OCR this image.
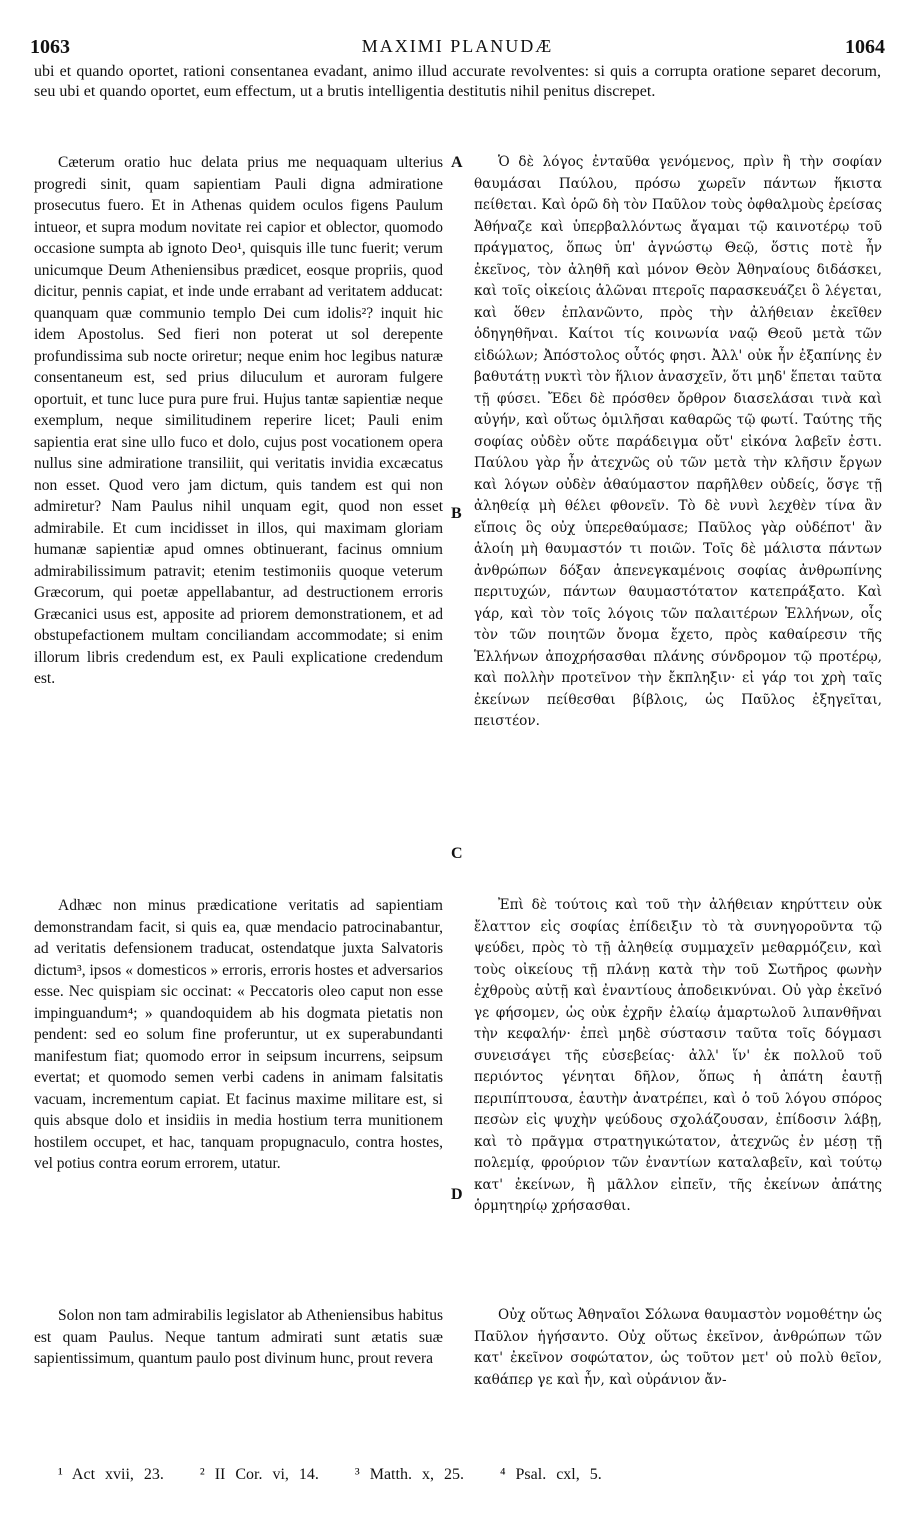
1063	MAXIMI PLANUDÆ	1064

ubi et quando oportet, rationi consentanea evadant, animo illud accurate revolventes: si quis a corrupta oratione separet decorum, seu ubi et quando oportet, eum effectum, ut a brutis intelligentia destitutis nihil penitus discrepet.

Cæterum oratio huc delata prius me nequaquam ulterius progredi sinit, quam sapientiam Pauli digna admiratione prosecutus fuero. Et in Athenas quidem oculos figens Paulum intueor, et supra modum novitate rei capior et oblector, quomodo occasione sumpta ab ignoto Deo¹, quisquis ille tunc fuerit; verum unicumque Deum Atheniensibus prædicet, eosque propriis, quod dicitur, pennis capiat, et inde unde errabant ad veritatem adducat: quanquam quæ communio templo Dei cum idolis²? inquit hic idem Apostolus. Sed fieri non poterat ut sol derepente profundissima sub nocte oriretur; neque enim hoc legibus naturæ consentaneum est, sed prius diluculum et auroram fulgere oportuit, et tunc luce pura pure frui. Hujus tantæ sapientiæ neque exemplum, neque similitudinem reperire licet; Pauli enim sapientia erat sine ullo fuco et dolo, cujus post vocationem opera nullus sine admiratione transiliit, qui veritatis invidia excæcatus non esset. Quod vero jam dictum, quis tandem est qui non admiretur? Nam Paulus nihil unquam egit, quod non esset admirabile. Et cum incidisset in illos, qui maximam gloriam humanæ sapientiæ apud omnes obtinuerant, facinus omnium admirabilissimum patravit; etenim testimoniis quoque veterum Græcorum, qui poetæ appellabantur, ad destructionem erroris Græcanici usus est, apposite ad priorem demonstrationem, et ad obstupefactionem multam conciliandam accommodate; si enim illorum libris credendum est, ex Pauli explicatione credendum est.

Adhæc non minus prædicatione veritatis ad sapientiam demonstrandam facit, si quis ea, quæ mendacio patrocinabantur, ad veritatis defensionem traducat, ostendatque juxta Salvatoris dictum³, ipsos « domesticos » erroris, erroris hostes et adversarios esse. Nec quispiam sic occinat: « Peccatoris oleo caput non esse impinguandum⁴; » quandoquidem ab his dogmata pietatis non pendent: sed eo solum fine proferuntur, ut ex superabundanti manifestum fiat; quomodo error in seipsum incurrens, seipsum evertat; et quomodo semen verbi cadens in animam falsitatis vacuam, incrementum capiat. Et facinus maxime militare est, si quis absque dolo et insidiis in media hostium terra munitionem hostilem occupet, et hac, tanquam propugnaculo, contra hostes, vel potius contra eorum errorem, utatur.

Solon non tam admirabilis legislator ab Atheniensibus habitus est quam Paulus. Neque tantum admirati sunt ætatis suæ sapientissimum, quantum paulo post divinum hunc, prout revera

A
B
C
D

Ὁ δὲ λόγος ἐνταῦθα γενόμενος, πρὶν ἢ τὴν σοφίαν θαυμάσαι Παύλου, πρόσω χωρεῖν πάντων ἥκιστα πείθεται. Καὶ ὁρῶ δὴ τὸν Παῦλον τοὺς ὀφθαλμοὺς ἐρείσας Ἀθήναζε καὶ ὑπερβαλλόντως ἄγαμαι τῷ καινοτέρῳ τοῦ πράγματος, ὅπως ὑπ' ἀγνώστῳ Θεῷ, ὅστις ποτὲ ἦν ἐκεῖνος, τὸν ἀληθῆ καὶ μόνον Θεὸν Ἀθηναίους διδάσκει, καὶ τοῖς οἰκείοις ἁλῶναι πτεροῖς παρασκευάζει ὃ λέγεται, καὶ ὅθεν ἐπλανῶντο, πρὸς τὴν ἀλήθειαν ἐκεῖθεν ὁδηγηθῆναι. Καίτοι τίς κοινωνία ναῷ Θεοῦ μετὰ τῶν εἰδώλων; Ἀπόστολος οὗτός φησι. Ἀλλ' οὐκ ἦν ἐξαπίνης ἐν βαθυτάτῃ νυκτὶ τὸν ἥλιον ἀνασχεῖν, ὅτι μηδ' ἕπεται ταῦτα τῇ φύσει. Ἔδει δὲ πρόσθεν ὄρθρον διασελάσαι τινὰ καὶ αὐγήν, καὶ οὕτως ὁμιλῆσαι καθαρῶς τῷ φωτί. Ταύτης τῆς σοφίας οὐδὲν οὔτε παράδειγμα οὔτ' εἰκόνα λαβεῖν ἐστι. Παύλου γὰρ ἦν ἀτεχνῶς οὐ τῶν μετὰ τὴν κλῆσιν ἔργων καὶ λόγων οὐδὲν ἀθαύμαστον παρῆλθεν οὐδείς, ὅσγε τῇ ἀληθείᾳ μὴ θέλει φθονεῖν. Τὸ δὲ νυνὶ λεχθὲν τίνα ἂν εἴποις ὃς οὐχ ὑπερεθαύμασε; Παῦλος γὰρ οὐδέποτ' ἂν ἁλοίη μὴ θαυμαστόν τι ποιῶν. Τοῖς δὲ μάλιστα πάντων ἀνθρώπων δόξαν ἀπενεγκαμένοις σοφίας ἀνθρωπίνης περιτυχών, πάντων θαυμαστότατον κατεπράξατο. Καὶ γάρ, καὶ τὸν τοῖς λόγοις τῶν παλαιτέρων Ἑλλήνων, οἷς τὸν τῶν ποιητῶν ὄνομα ἔχετο, πρὸς καθαίρεσιν τῆς Ἑλλήνων ἀποχρήσασθαι πλάνης σύνδρομον τῷ προτέρῳ, καὶ πολλὴν προτεῖνον τὴν ἔκπληξιν· εἰ γάρ τοι χρὴ ταῖς ἐκείνων πείθεσθαι βίβλοις, ὡς Παῦλος ἐξηγεῖται, πειστέον.

Ἐπὶ δὲ τούτοις καὶ τοῦ τὴν ἀλήθειαν κηρύττειν οὐκ ἔλαττον εἰς σοφίας ἐπίδειξιν τὸ τὰ συνηγοροῦντα τῷ ψεύδει, πρὸς τὸ τῇ ἀληθείᾳ συμμαχεῖν μεθαρμόζειν, καὶ τοὺς οἰκείους τῇ πλάνῃ κατὰ τὴν τοῦ Σωτῆρος φωνὴν ἐχθροὺς αὐτῇ καὶ ἐναντίους ἀποδεικνύναι. Οὐ γὰρ ἐκεῖνό γε φήσομεν, ὡς οὐκ ἐχρῆν ἐλαίῳ ἁμαρτωλοῦ λιπανθῆναι τὴν κεφαλήν· ἐπεὶ μηδὲ σύστασιν ταῦτα τοῖς δόγμασι συνεισάγει τῆς εὐσεβείας· ἀλλ' ἵν' ἐκ πολλοῦ τοῦ περιόντος γένηται δῆλον, ὅπως ἡ ἀπάτη ἑαυτῇ περιπίπτουσα, ἑαυτὴν ἀνατρέπει, καὶ ὁ τοῦ λόγου σπόρος πεσὼν εἰς ψυχὴν ψεύδους σχολάζουσαν, ἐπίδοσιν λάβῃ, καὶ τὸ πρᾶγμα στρατηγικώτατον, ἀτεχνῶς ἐν μέσῃ τῇ πολεμίᾳ, φρούριον τῶν ἐναντίων καταλαβεῖν, καὶ τούτῳ κατ' ἐκείνων, ἢ μᾶλλον εἰπεῖν, τῆς ἐκείνων ἀπάτης ὁρμητηρίῳ χρήσασθαι.

Οὐχ οὕτως Ἀθηναῖοι Σόλωνα θαυμαστὸν νομοθέτην ὡς Παῦλον ἡγήσαντο. Οὐχ οὕτως ἐκεῖνον, ἀνθρώπων τῶν κατ' ἐκεῖνον σοφώτατον, ὡς τοῦτον μετ' οὐ πολὺ θεῖον, καθάπερ γε καὶ ἦν, καὶ οὐράνιον ἄν-

¹ Act xvii, 23. ² II Cor. vi, 14. ³ Matth. x, 25. ⁴ Psal. cxl, 5.
